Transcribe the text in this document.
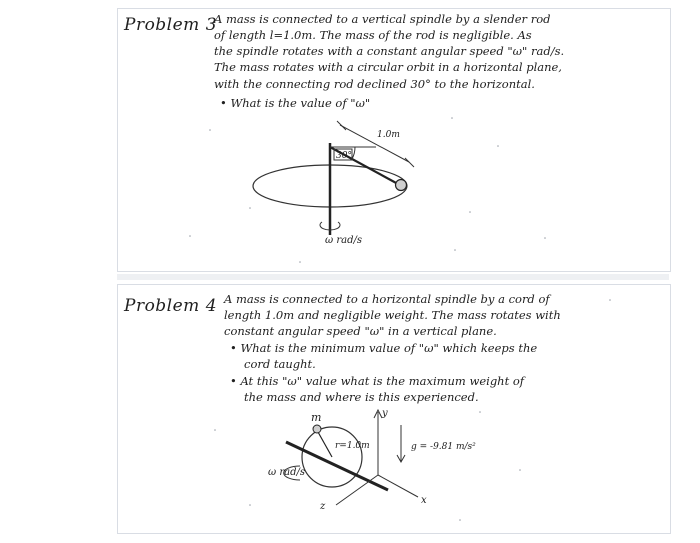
Problem 3
A mass is connected to a vertical spindle by a slender rod
of length l=1.0m. The mass of the rod is negligible. As
the spindle rotates with a constant angular speed "ω" rad/s.
The mass rotates with a circular orbit in a horizontal plane,
with the connecting rod declined 30° to the horizontal.
• What is the value of "ω"
30°
1.0m
ω rad/s
Problem 4 A mass is connected to a horizontal spindle by a cord of
length 1.0m and negligible weight. The mass rotates with
constant angular speed "ω" in a vertical plane.
• What is the minimum value of "ω" which keeps the
cord taught.
• At this "ω" value what is the maximum weight of
the mass and where is this experienced.
m
r=1.0m
ω rad/s
y
x
z
g = -9.81 m/s²
